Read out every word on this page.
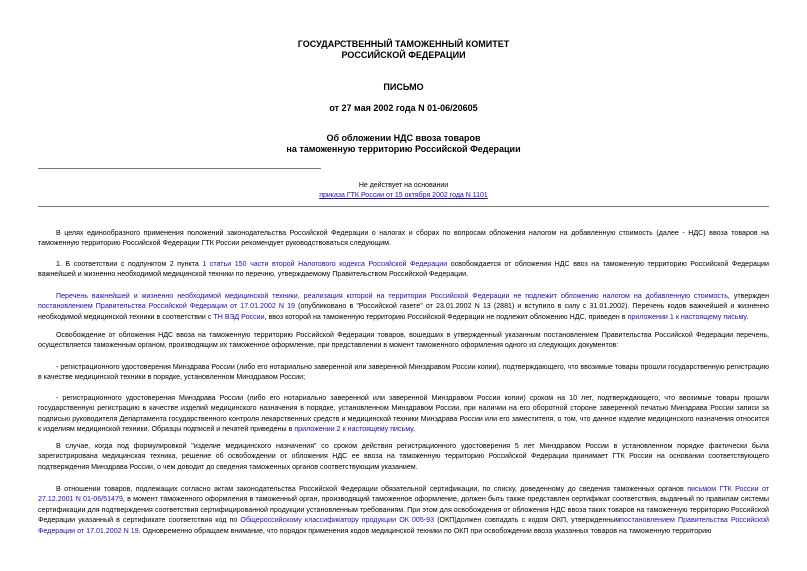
ГОСУДАРСТВЕННЫЙ ТАМОЖЕННЫЙ КОМИТЕТ
РОССИЙСКОЙ ФЕДЕРАЦИИ
ПИСЬМО
от 27 мая 2002 года N 01-06/20605
Об обложении НДС ввоза товаров
на таможенную территорию Российской Федерации
Не действует на основании
приказа ГТК России от 15 октября 2002 года N 1101

В целях единообразного применения положений законодательства Российской Федерации о налогах и сборах по вопросам обложения налогом на добавленную стоимость (далее - НДС) ввоза товаров на таможенную территорию Российской Федерации ГТК России рекомендует руководствоваться следующим.

1. В соответствии с подпунктом 2 пункта 1 статьи 150 части второй Налогового кодекса Российской Федерации освобождается от обложения НДС ввоз на таможенную территорию Российской Федерации важнейшей и жизненно необходимой медицинской техники по перечню, утверждаемому Правительством Российской Федерации.

Перечень важнейшей и жизненно необходимой медицинской техники, реализация которой на территории Российской Федерации не подлежит обложению налогом на добавленную стоимость, утвержден постановлением Правительства Российской Федерации от 17.01.2002 N 19 (опубликовано в "Российской газете" от 23.01.2002 N 13 (2881) и вступило в силу с 31.01.2002). Перечень кодов важнейшей и жизненно необходимой медицинской техники в соответствии с ТН ВЭД России, ввоз которой на таможенную территорию Российской Федерации не подлежит обложению НДС, приведен в приложении 1 к настоящему письму.

Освобождение от обложения НДС ввоза на таможенную территорию Российской Федерации товаров, вошедших в утвержденный указанным постановлением Правительства Российской Федерации перечень, осуществляется таможенным органом, производящим их таможенное оформление, при представлении в момент таможенного оформления одного из следующих документов:

- регистрационного удостоверения Минздрава России (либо его нотариально заверенной или заверенной Минздравом России копии), подтверждающего, что ввозимые товары прошли государственную регистрацию в качестве медицинской техники в порядке, установленном Минздравом России;

- регистрационного удостоверения Минздрава России (либо его нотариально заверенной или заверенной Минздравом России копии) сроком на 10 лет, подтверждающего, что ввозимые товары прошли государственную регистрацию в качестве изделий медицинского назначения в порядке, установленном Минздравом России, при наличии на его оборотной стороне заверенной печатью Минздрава России записи за подписью руководителя Департамента государственного контроля лекарственных средств и медицинской техники Минздрава России или его заместителя, о том, что данное изделие медицинского назначения относится к изделиям медицинской техники. Образцы подписей и печатей приведены в приложении 2 к настоящему письму.

В случае, когда под формулировкой "изделие медицинского назначения" со сроком действия регистрационного удостоверения 5 лет Минздравом России в установленном порядке фактически была зарегистрирована медицинская техника, решение об освобождении от обложения НДС ее ввоза на таможенную территорию Российской Федерации принимает ГТК России на основании соответствующего подтверждения Минздрава России, о чем доводит до сведения таможенных органов соответствующим указанием.

В отношении товаров, подлежащих согласно актам законодательства Российской Федерации обязательной сертификации, по списку, доведенному до сведения таможенных органов письмом ГТК России от 27.12.2001 N 01-06/51479, в момент таможенного оформления в таможенный орган, производящий таможенное оформление, должен быть также представлен сертификат соответствия, выданный по правилам системы сертификации для подтверждения соответствия сертифицированной продукции установленным требованиям. При этом для освобождения от обложения НДС ввоза таких товаров на таможенную территорию Российской Федерации указанный в сертификате соответствия код по Общероссийскому классификатору продукции ОК 005-93 (ОКП)должен совпадать с кодом ОКП, утвержденнымпостановлением Правительства Российской Федерации от 17.01.2002 N 19. Одновременно обращаем внимание, что порядок применения кодов медицинской техники по ОКП при освобождении ввоза указанных товаров на таможенную территорию
